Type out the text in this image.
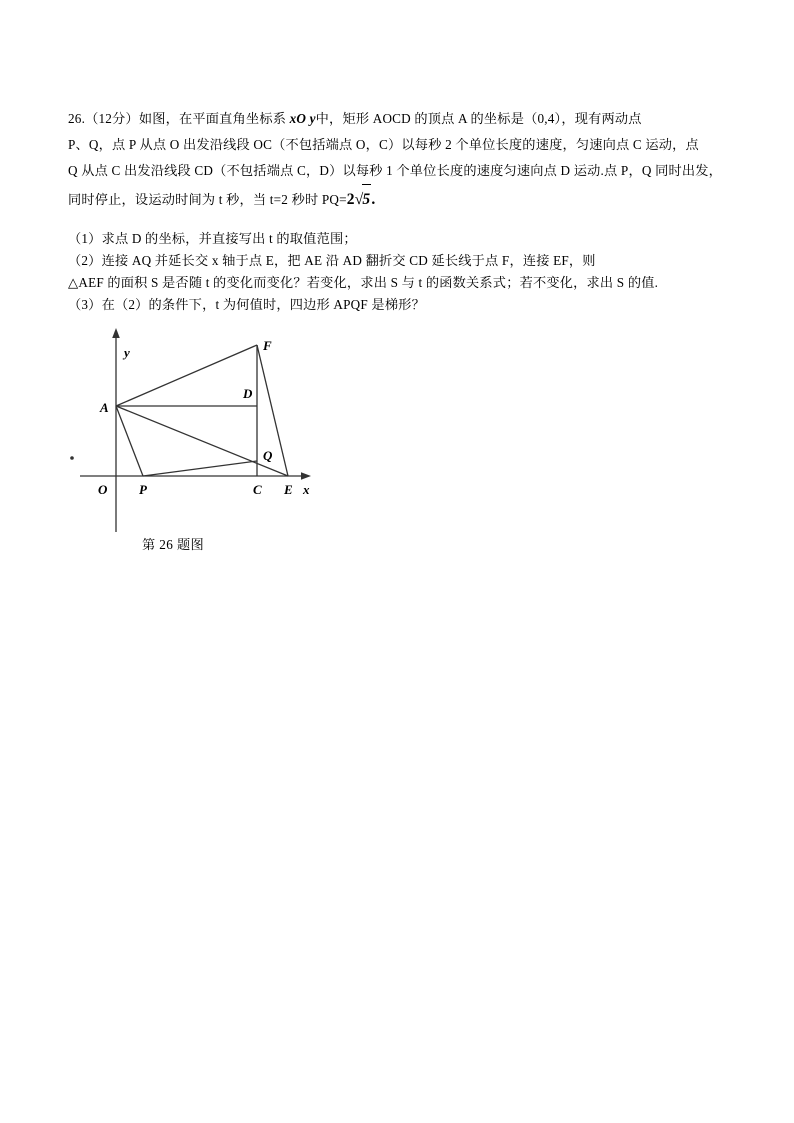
26.（12分）如图，在平面直角坐标系 xO y中，矩形 AOCD 的顶点 A 的坐标是（0,4），现有两动点
P、Q，点 P 从点 O 出发沿线段 OC（不包括端点 O，C）以每秒 2 个单位长度的速度，匀速向点 C 运动，点
Q 从点 C 出发沿线段 CD（不包括端点 C，D）以每秒 1 个单位长度的速度匀速向点 D 运动.点 P，Q 同时出发，
同时停止，设运动时间为 t 秒，当 t=2 秒时 PQ=2√5.
（1）求点 D 的坐标，并直接写出 t 的取值范围；
（2）连接 AQ 并延长交 x 轴于点 E，把 AE 沿 AD 翻折交 CD 延长线于点 F，连接 EF，则
△AEF 的面积 S 是否随 t 的变化而变化？若变化，求出 S 与 t 的函数关系式；若不变化，求出 S 的值.
（3）在（2）的条件下，t 为何值时，四边形 APQF 是梯形？
y
x
A
D
Q
F
O P	C E
第 26 题图
